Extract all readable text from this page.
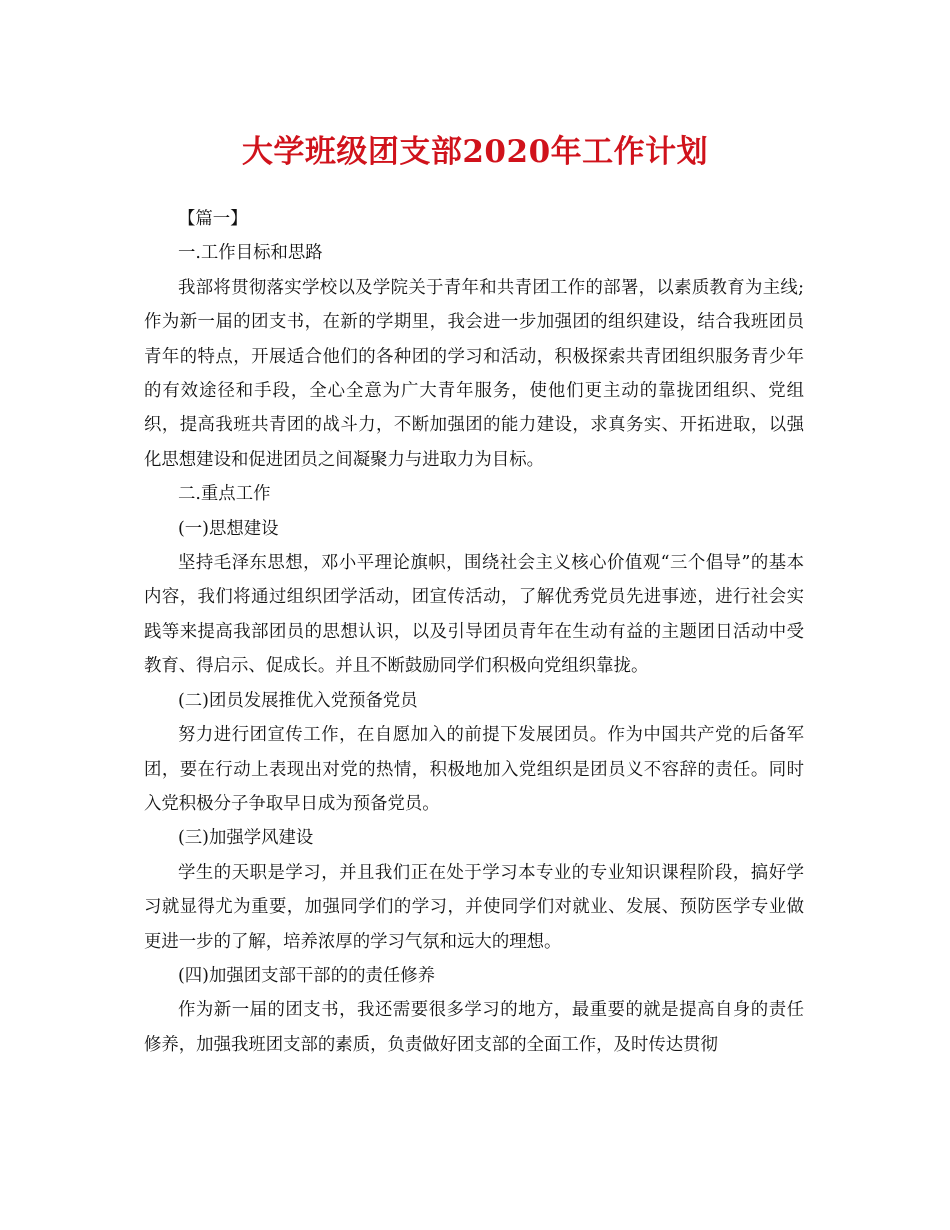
大学班级团支部2020年工作计划

【篇一】

一.工作目标和思路

我部将贯彻落实学校以及学院关于青年和共青团工作的部署，以素质教育为主线;作为新一届的团支书，在新的学期里，我会进一步加强团的组织建设，结合我班团员青年的特点，开展适合他们的各种团的学习和活动，积极探索共青团组织服务青少年的有效途径和手段，全心全意为广大青年服务，使他们更主动的靠拢团组织、党组织，提高我班共青团的战斗力，不断加强团的能力建设，求真务实、开拓进取，以强化思想建设和促进团员之间凝聚力与进取力为目标。

二.重点工作

(一)思想建设

坚持毛泽东思想，邓小平理论旗帜，围绕社会主义核心价值观“三个倡导”的基本内容，我们将通过组织团学活动，团宣传活动，了解优秀党员先进事迹，进行社会实践等来提高我部团员的思想认识，以及引导团员青年在生动有益的主题团日活动中受教育、得启示、促成长。并且不断鼓励同学们积极向党组织靠拢。

(二)团员发展推优入党预备党员

努力进行团宣传工作，在自愿加入的前提下发展团员。作为中国共产党的后备军团，要在行动上表现出对党的热情，积极地加入党组织是团员义不容辞的责任。同时入党积极分子争取早日成为预备党员。

(三)加强学风建设

学生的天职是学习，并且我们正在处于学习本专业的专业知识课程阶段，搞好学习就显得尤为重要，加强同学们的学习，并使同学们对就业、发展、预防医学专业做更进一步的了解，培养浓厚的学习气氛和远大的理想。

(四)加强团支部干部的的责任修养

作为新一届的团支书，我还需要很多学习的地方，最重要的就是提高自身的责任修养，加强我班团支部的素质，负责做好团支部的全面工作，及时传达贯彻
